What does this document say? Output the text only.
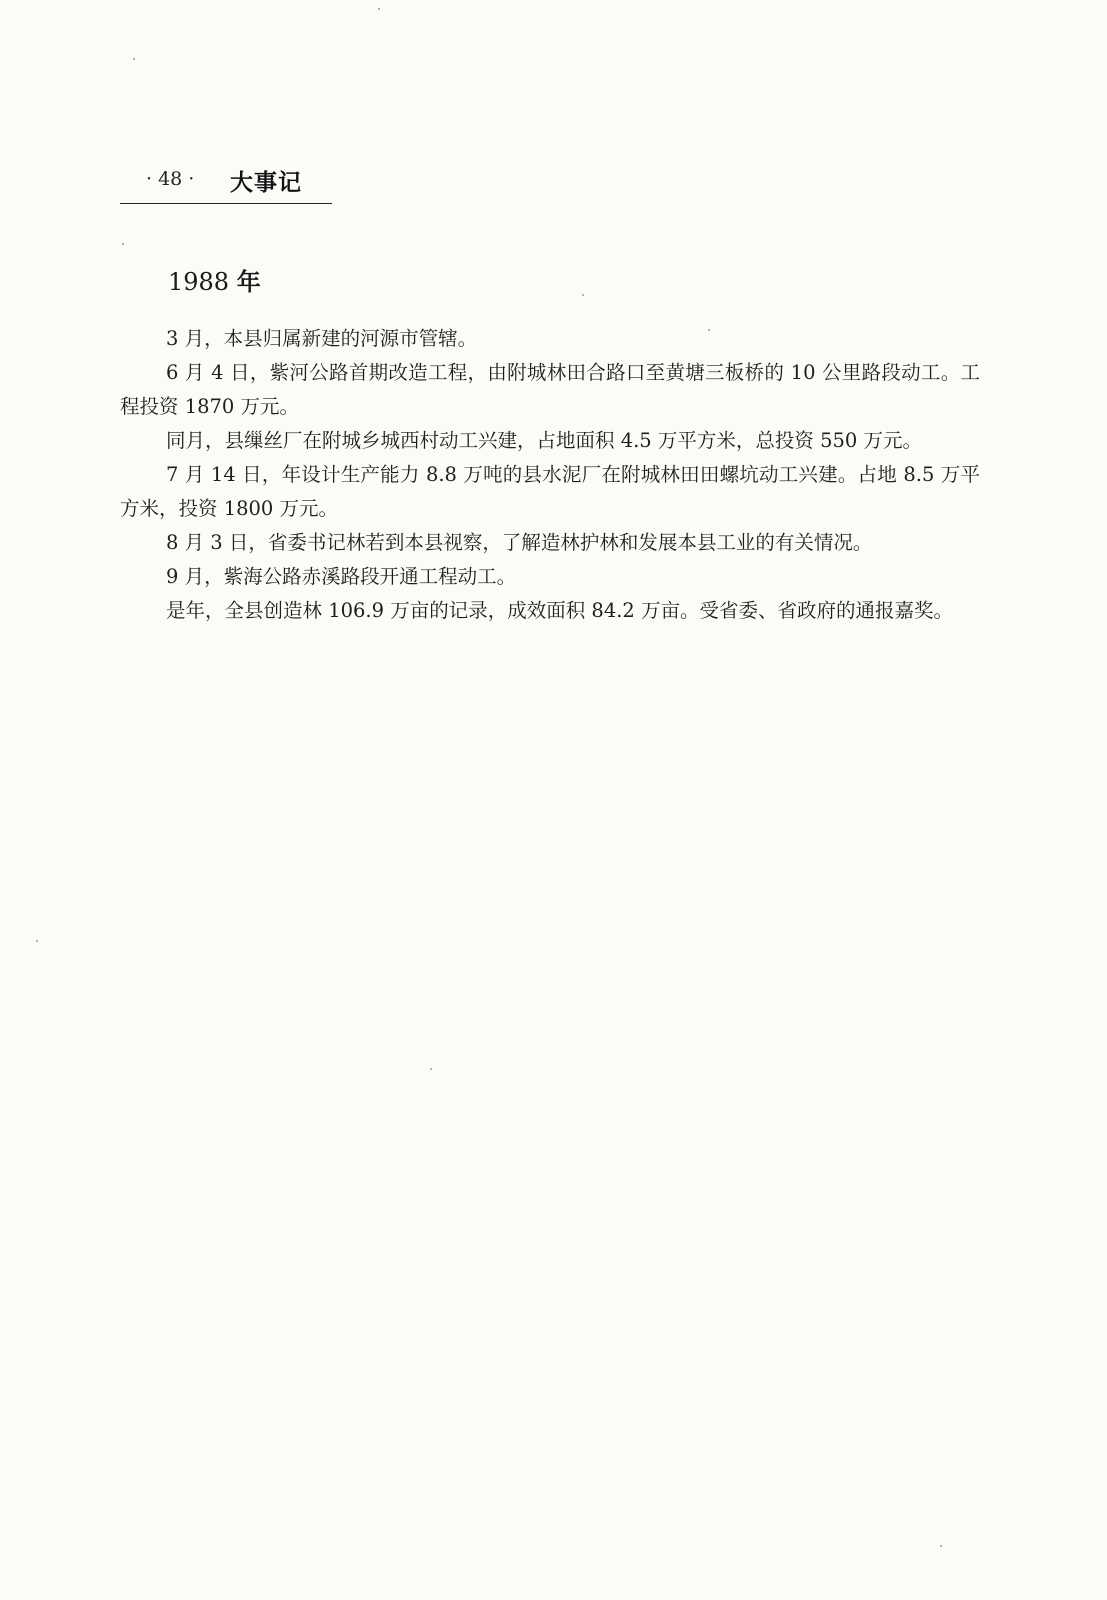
· 48 · 大事记
1988 年

3 月，本县归属新建的河源市管辖。

6 月 4 日，紫河公路首期改造工程，由附城林田合路口至黄塘三板桥的 10 公里路段动工。工程投资 1870 万元。

同月，县缫丝厂在附城乡城西村动工兴建，占地面积 4.5 万平方米，总投资 550 万元。

7 月 14 日，年设计生产能力 8.8 万吨的县水泥厂在附城林田田螺坑动工兴建。占地 8.5 万平方米，投资 1800 万元。

8 月 3 日，省委书记林若到本县视察，了解造林护林和发展本县工业的有关情况。

9 月，紫海公路赤溪路段开通工程动工。

是年，全县创造林 106.9 万亩的记录，成效面积 84.2 万亩。受省委、省政府的通报嘉奖。
